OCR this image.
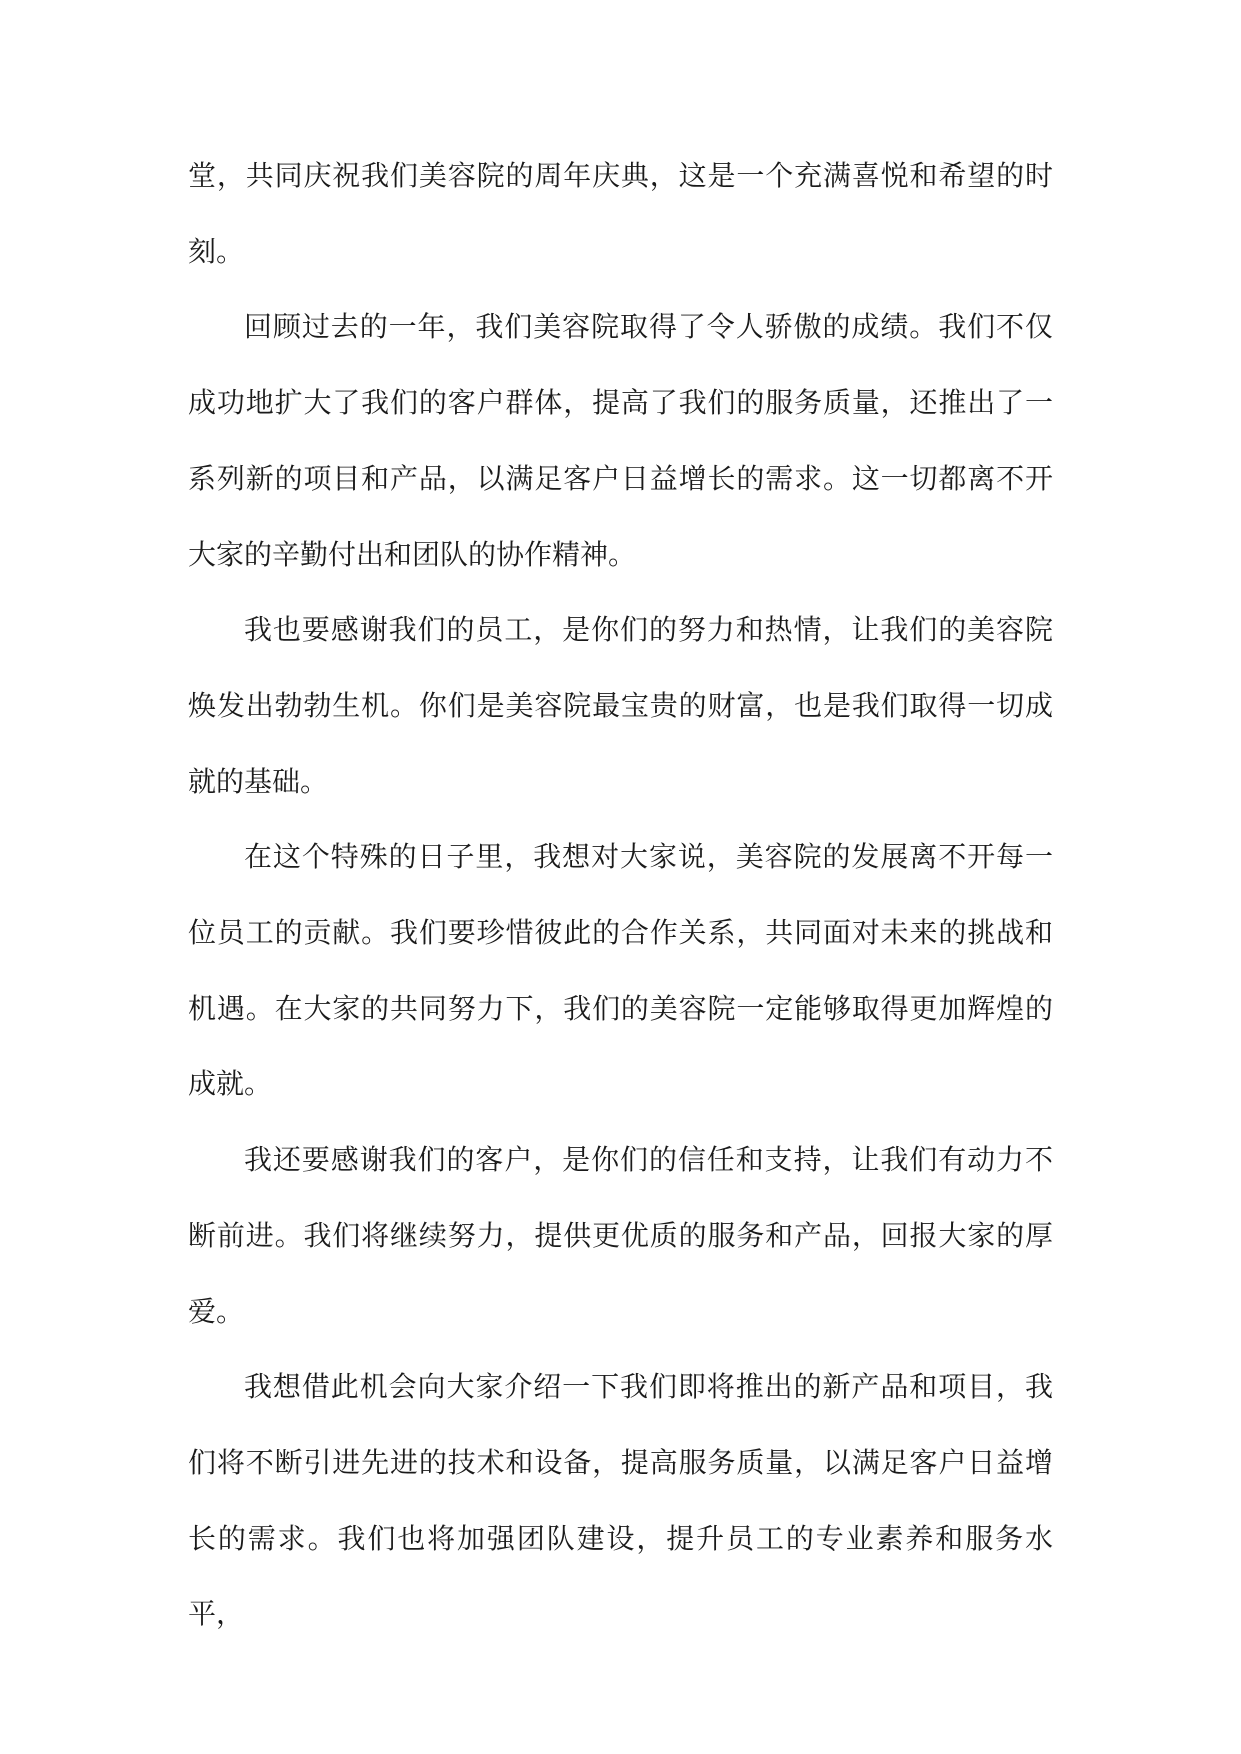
堂，共同庆祝我们美容院的周年庆典，这是一个充满喜悦和希望的时刻。

回顾过去的一年，我们美容院取得了令人骄傲的成绩。我们不仅成功地扩大了我们的客户群体，提高了我们的服务质量，还推出了一系列新的项目和产品，以满足客户日益增长的需求。这一切都离不开大家的辛勤付出和团队的协作精神。

我也要感谢我们的员工，是你们的努力和热情，让我们的美容院焕发出勃勃生机。你们是美容院最宝贵的财富，也是我们取得一切成就的基础。

在这个特殊的日子里，我想对大家说，美容院的发展离不开每一位员工的贡献。我们要珍惜彼此的合作关系，共同面对未来的挑战和机遇。在大家的共同努力下，我们的美容院一定能够取得更加辉煌的成就。

我还要感谢我们的客户，是你们的信任和支持，让我们有动力不断前进。我们将继续努力，提供更优质的服务和产品，回报大家的厚爱。

我想借此机会向大家介绍一下我们即将推出的新产品和项目，我们将不断引进先进的技术和设备，提高服务质量，以满足客户日益增长的需求。我们也将加强团队建设，提升员工的专业素养和服务水平，
